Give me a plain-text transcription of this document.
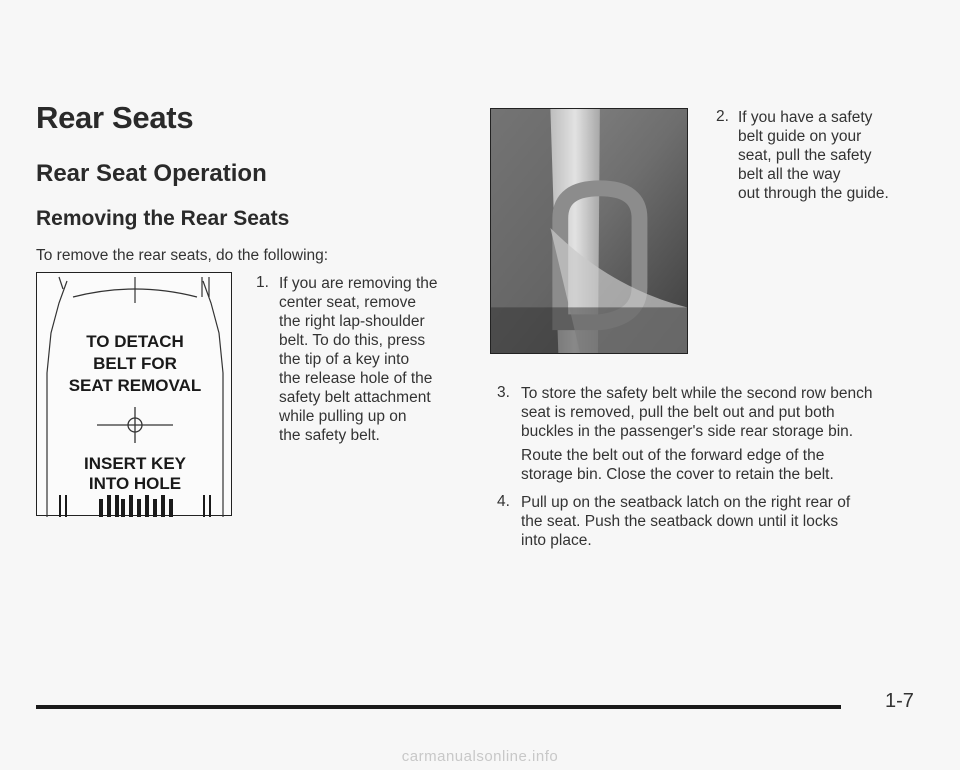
Rear Seats
Rear Seat Operation
Removing the Rear Seats

To remove the rear seats, do the following:

TO DETACH
BELT FOR
SEAT REMOVAL
INSERT KEY
INTO HOLE
1. If you are removing the
center seat, remove
the right lap-shoulder
belt. To do this, press
the tip of a key into
the release hole of the
safety belt attachment
while pulling up on
the safety belt.
2. If you have a safety
belt guide on your
seat, pull the safety
belt all the way
out through the guide.
3. To store the safety belt while the second row bench
seat is removed, pull the belt out and put both
buckles in the passenger's side rear storage bin.
Route the belt out of the forward edge of the
storage bin. Close the cover to retain the belt.
4. Pull up on the seatback latch on the right rear of
the seat. Push the seatback down until it locks
into place.
1-7
carmanualsonline.info
